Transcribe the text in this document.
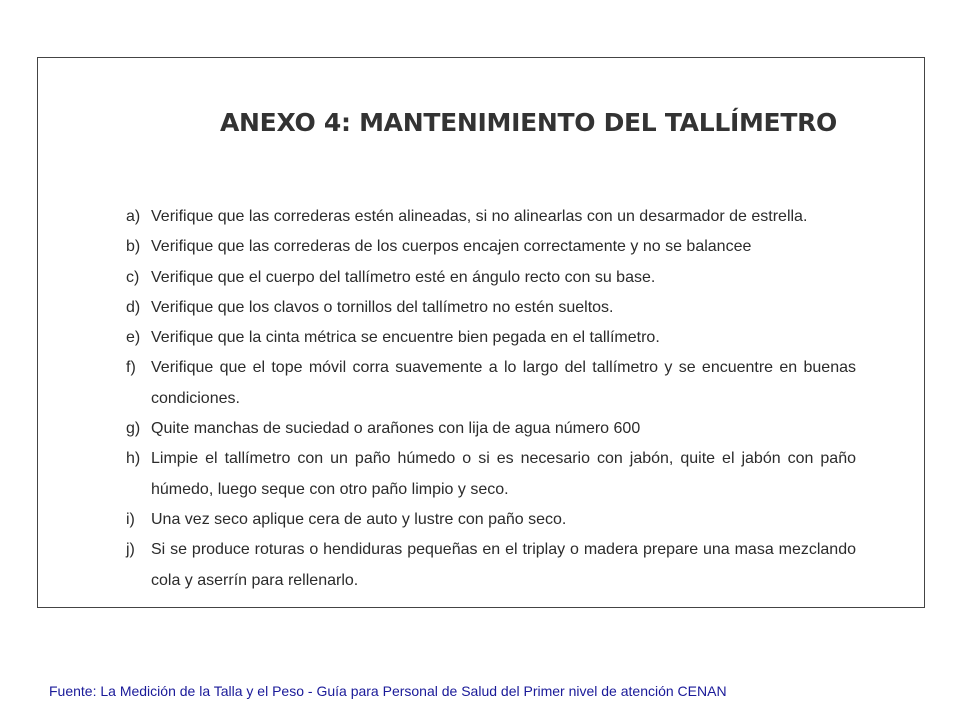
ANEXO 4: MANTENIMIENTO DEL TALLÍMETRO
a) Verifique que las correderas estén alineadas, si no alinearlas con un desarmador de estrella.
b) Verifique que las correderas de los cuerpos encajen correctamente y no se balancee
c) Verifique que el cuerpo del tallímetro esté en ángulo recto con su base.
d) Verifique que los clavos o tornillos del tallímetro no estén sueltos.
e) Verifique que la cinta métrica se encuentre bien pegada en el tallímetro.
f) Verifique que el tope móvil corra suavemente a lo largo del tallímetro y se encuentre en buenas condiciones.
g) Quite manchas de suciedad o arañones con lija de agua número 600
h) Limpie el tallímetro con un paño húmedo o si es necesario con jabón, quite el jabón con paño húmedo, luego seque con otro paño limpio y seco.
i)	Una vez seco aplique cera de auto y lustre con paño seco.
j)	Si se produce roturas o hendiduras pequeñas en el triplay o madera prepare una masa mezclando cola y aserrín para rellenarlo.
Fuente: La Medición de la Talla y el Peso - Guía para Personal de Salud del Primer nivel de atención CENAN
